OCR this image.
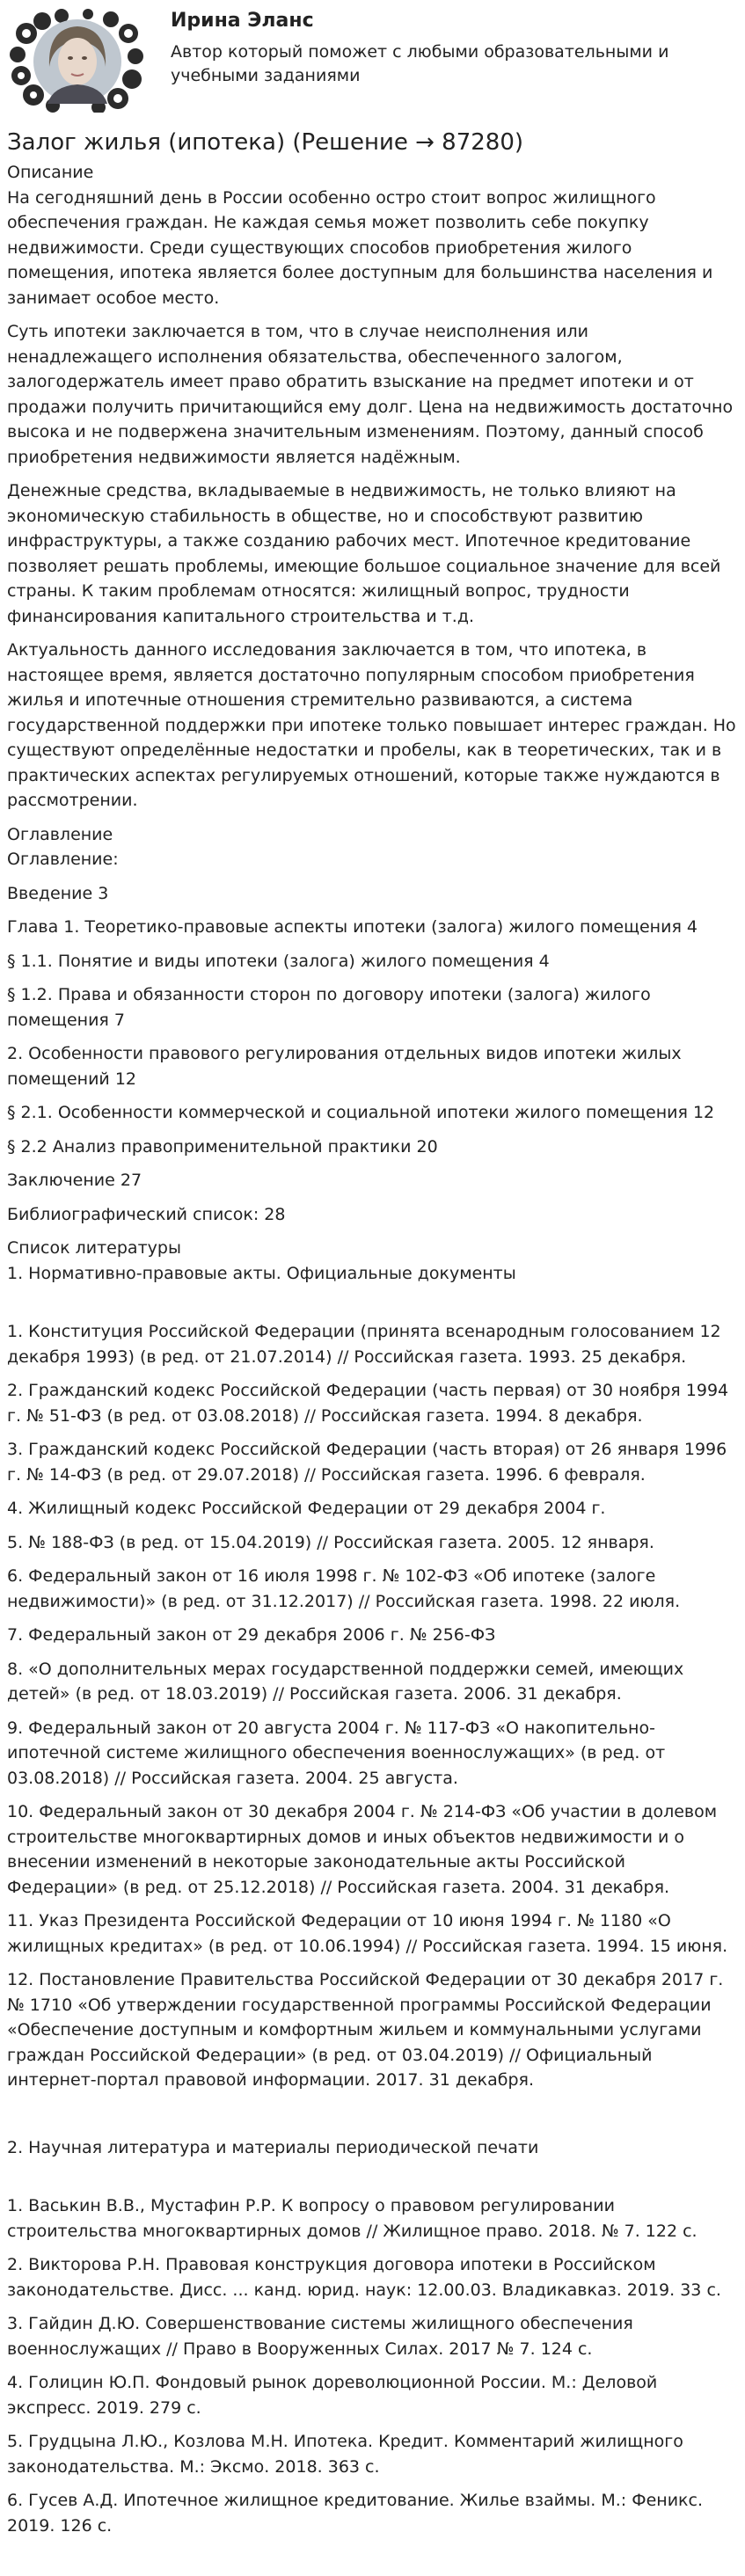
Ирина Эланс
Автор который поможет с любыми образовательными и учебными заданиями
Залог жилья (ипотека) (Решение → 87280)
Описание

На сегодняшний день в России особенно остро стоит вопрос жилищного обеспечения граждан. Не каждая семья может позволить себе покупку недвижимости. Среди существующих способов приобретения жилого помещения, ипотека является более доступным для большинства населения и занимает особое место.

Суть ипотеки заключается в том, что в случае неисполнения или ненадлежащего исполнения обязательства, обеспеченного залогом, залогодержатель имеет право обратить взыскание на предмет ипотеки и от продажи получить причитающийся ему долг. Цена на недвижимость достаточно высока и не подвержена значительным изменениям. Поэтому, данный способ приобретения недвижимости является надёжным.

Денежные средства, вкладываемые в недвижимость, не только влияют на экономическую стабильность в обществе, но и способствуют развитию инфраструктуры, а также созданию рабочих мест. Ипотечное кредитование позволяет решать проблемы, имеющие большое социальное значение для всей страны. К таким проблемам относятся: жилищный вопрос, трудности финансирования капитального строительства и т.д.

Актуальность данного исследования заключается в том, что ипотека, в настоящее время, является достаточно популярным способом приобретения жилья и ипотечные отношения стремительно развиваются, а система государственной поддержки при ипотеке только повышает интерес граждан. Но существуют определённые недостатки и пробелы, как в теоретических, так и в практических аспектах регулируемых отношений, которые также нуждаются в рассмотрении.

Оглавление

Оглавление:

Введение 3

Глава 1. Теоретико-правовые аспекты ипотеки (залога) жилого помещения 4

§ 1.1. Понятие и виды ипотеки (залога) жилого помещения 4

§ 1.2. Права и обязанности сторон по договору ипотеки (залога) жилого помещения 7

2. Особенности правового регулирования отдельных видов ипотеки жилых помещений 12

§ 2.1. Особенности коммерческой и социальной ипотеки жилого помещения 12

§ 2.2 Анализ правоприменительной практики 20

Заключение 27

Библиографический список: 28

Список литературы
1. Нормативно-правовые акты. Официальные документы

1. Конституция Российской Федерации (принята всенародным голосованием 12 декабря 1993) (в ред. от 21.07.2014) // Российская газета. 1993. 25 декабря.

2. Гражданский кодекс Российской Федерации (часть первая) от 30 ноября 1994 г. № 51-ФЗ (в ред. от 03.08.2018) // Российская газета. 1994. 8 декабря.

3. Гражданский кодекс Российской Федерации (часть вторая) от 26 января 1996 г. № 14-ФЗ (в ред. от 29.07.2018) // Российская газета. 1996. 6 февраля.

4. Жилищный кодекс Российской Федерации от 29 декабря 2004 г.

5. № 188-ФЗ (в ред. от 15.04.2019) // Российская газета. 2005. 12 января.

6. Федеральный закон от 16 июля 1998 г. № 102-ФЗ «Об ипотеке (залоге недвижимости)» (в ред. от 31.12.2017) // Российская газета. 1998. 22 июля.

7. Федеральный закон от 29 декабря 2006 г. № 256-ФЗ

8. «О дополнительных мерах государственной поддержки семей, имеющих детей» (в ред. от 18.03.2019) // Российская газета. 2006. 31 декабря.

9. Федеральный закон от 20 августа 2004 г. № 117-ФЗ «О накопительно-ипотечной системе жилищного обеспечения военнослужащих» (в ред. от 03.08.2018) // Российская газета. 2004. 25 августа.

10. Федеральный закон от 30 декабря 2004 г. № 214-ФЗ «Об участии в долевом строительстве многоквартирных домов и иных объектов недвижимости и о внесении изменений в некоторые законодательные акты Российской Федерации» (в ред. от 25.12.2018) // Российская газета. 2004. 31 декабря.

11. Указ Президента Российской Федерации от 10 июня 1994 г. № 1180 «О жилищных кредитах» (в ред. от 10.06.1994) // Российская газета. 1994. 15 июня.

12. Постановление Правительства Российской Федерации от 30 декабря 2017 г. № 1710 «Об утверждении государственной программы Российской Федерации «Обеспечение доступным и комфортным жильем и коммунальными услугами граждан Российской Федерации» (в ред. от 03.04.2019) // Официальный интернет-портал правовой информации. 2017. 31 декабря.

2. Научная литература и материалы периодической печати

1. Васькин В.В., Мустафин Р.Р. К вопросу о правовом регулировании строительства многоквартирных домов // Жилищное право. 2018. № 7. 122 с.

2. Викторова Р.Н. Правовая конструкция договора ипотеки в Российском законодательстве. Дисс. ... канд. юрид. наук: 12.00.03. Владикавказ. 2019. 33 с.

3. Гайдин Д.Ю. Совершенствование системы жилищного обеспечения военнослужащих // Право в Вооруженных Силах. 2017 № 7. 124 с.

4. Голицин Ю.П. Фондовый рынок дореволюционной России. М.: Деловой экспресс. 2019. 279 с.

5. Грудцына Л.Ю., Козлова М.Н. Ипотека. Кредит. Комментарий жилищного законодательства. М.: Эксмо. 2018. 363 с.

6. Гусев А.Д. Ипотечное жилищное кредитование. Жилье взаймы. М.: Феникс. 2019. 126 с.
